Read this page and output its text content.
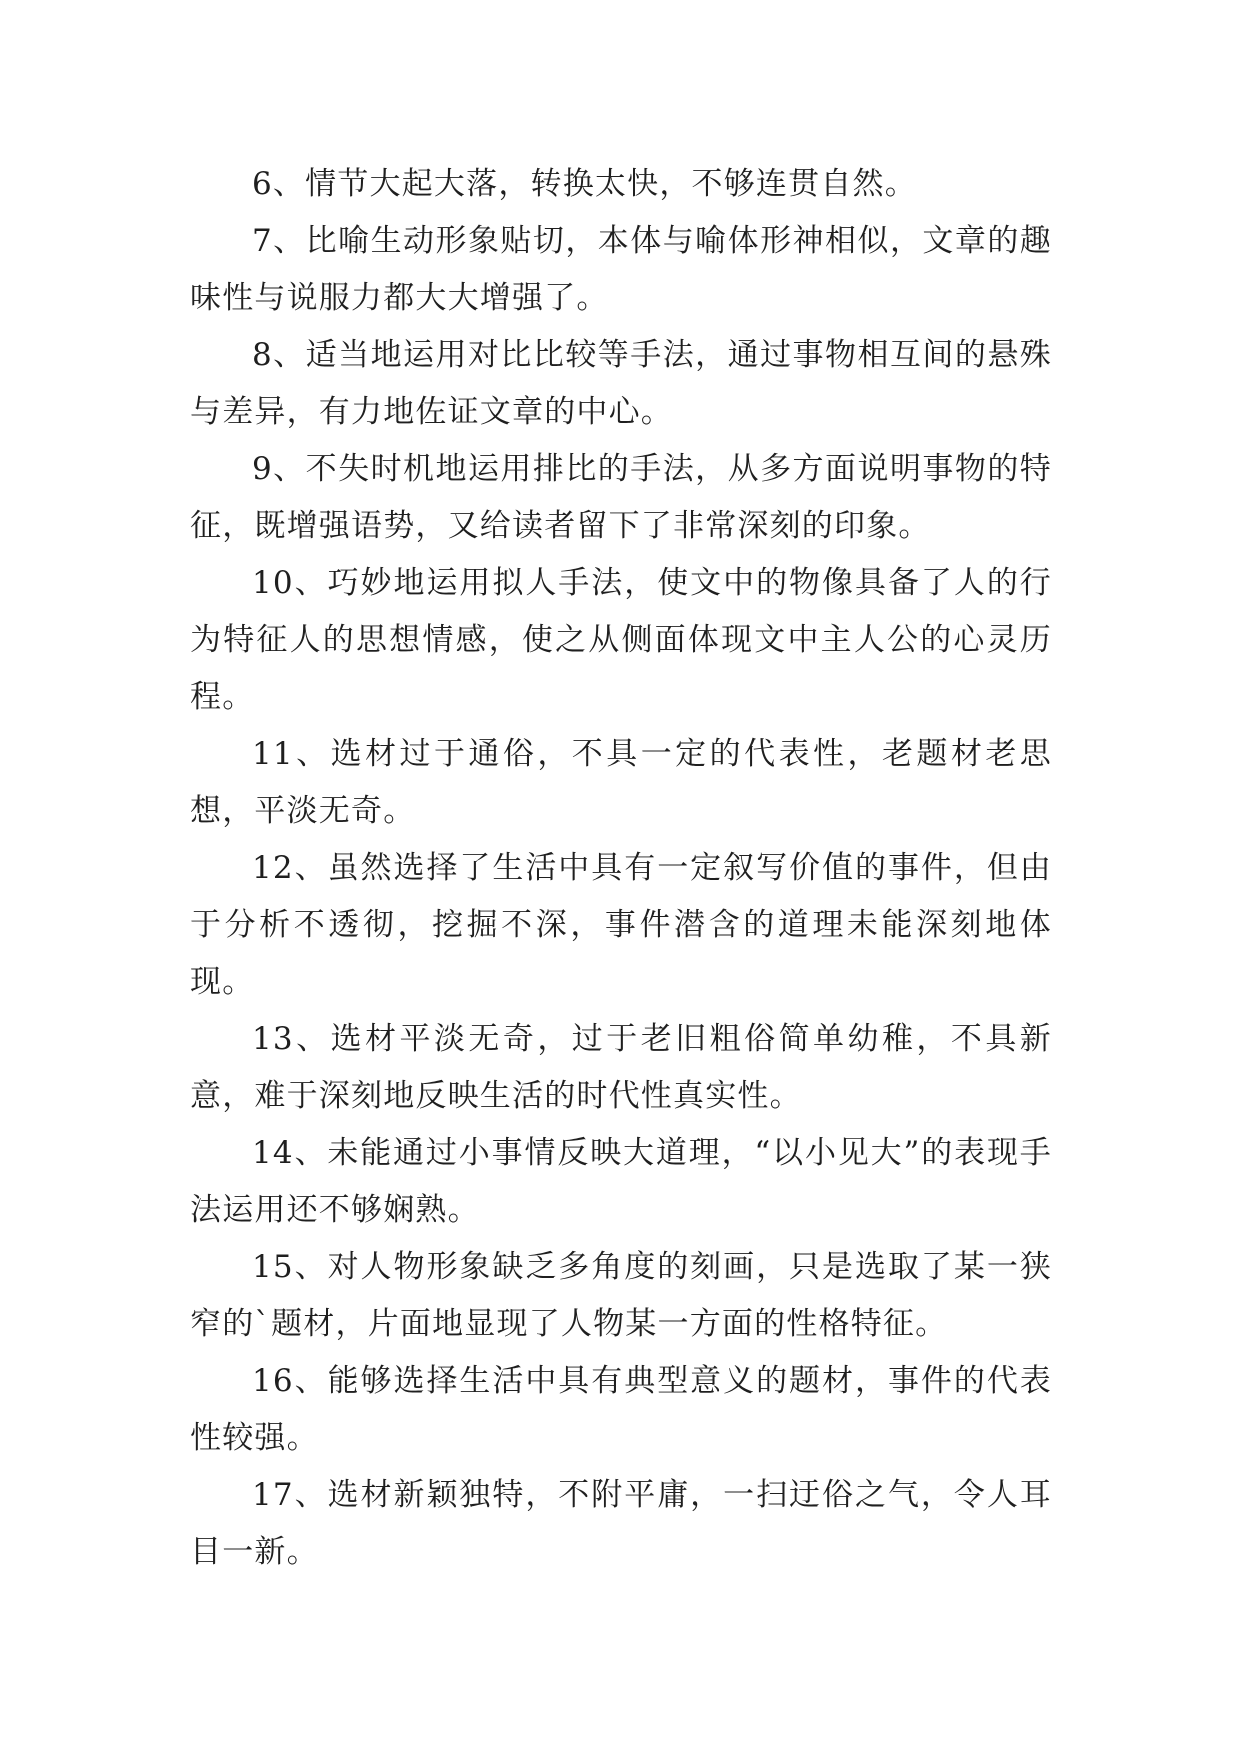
6、情节大起大落，转换太快，不够连贯自然。

7、比喻生动形象贴切，本体与喻体形神相似，文章的趣味性与说服力都大大增强了。

8、适当地运用对比比较等手法，通过事物相互间的悬殊与差异，有力地佐证文章的中心。

9、不失时机地运用排比的手法，从多方面说明事物的特征，既增强语势，又给读者留下了非常深刻的印象。

10、巧妙地运用拟人手法，使文中的物像具备了人的行为特征人的思想情感，使之从侧面体现文中主人公的心灵历程。

11、选材过于通俗，不具一定的代表性，老题材老思想，平淡无奇。

12、虽然选择了生活中具有一定叙写价值的事件，但由于分析不透彻，挖掘不深，事件潜含的道理未能深刻地体现。

13、选材平淡无奇，过于老旧粗俗简单幼稚，不具新意，难于深刻地反映生活的时代性真实性。

14、未能通过小事情反映大道理，“以小见大”的表现手法运用还不够娴熟。

15、对人物形象缺乏多角度的刻画，只是选取了某一狭窄的`题材，片面地显现了人物某一方面的性格特征。

16、能够选择生活中具有典型意义的题材，事件的代表性较强。

17、选材新颖独特，不附平庸，一扫迂俗之气，令人耳目一新。
